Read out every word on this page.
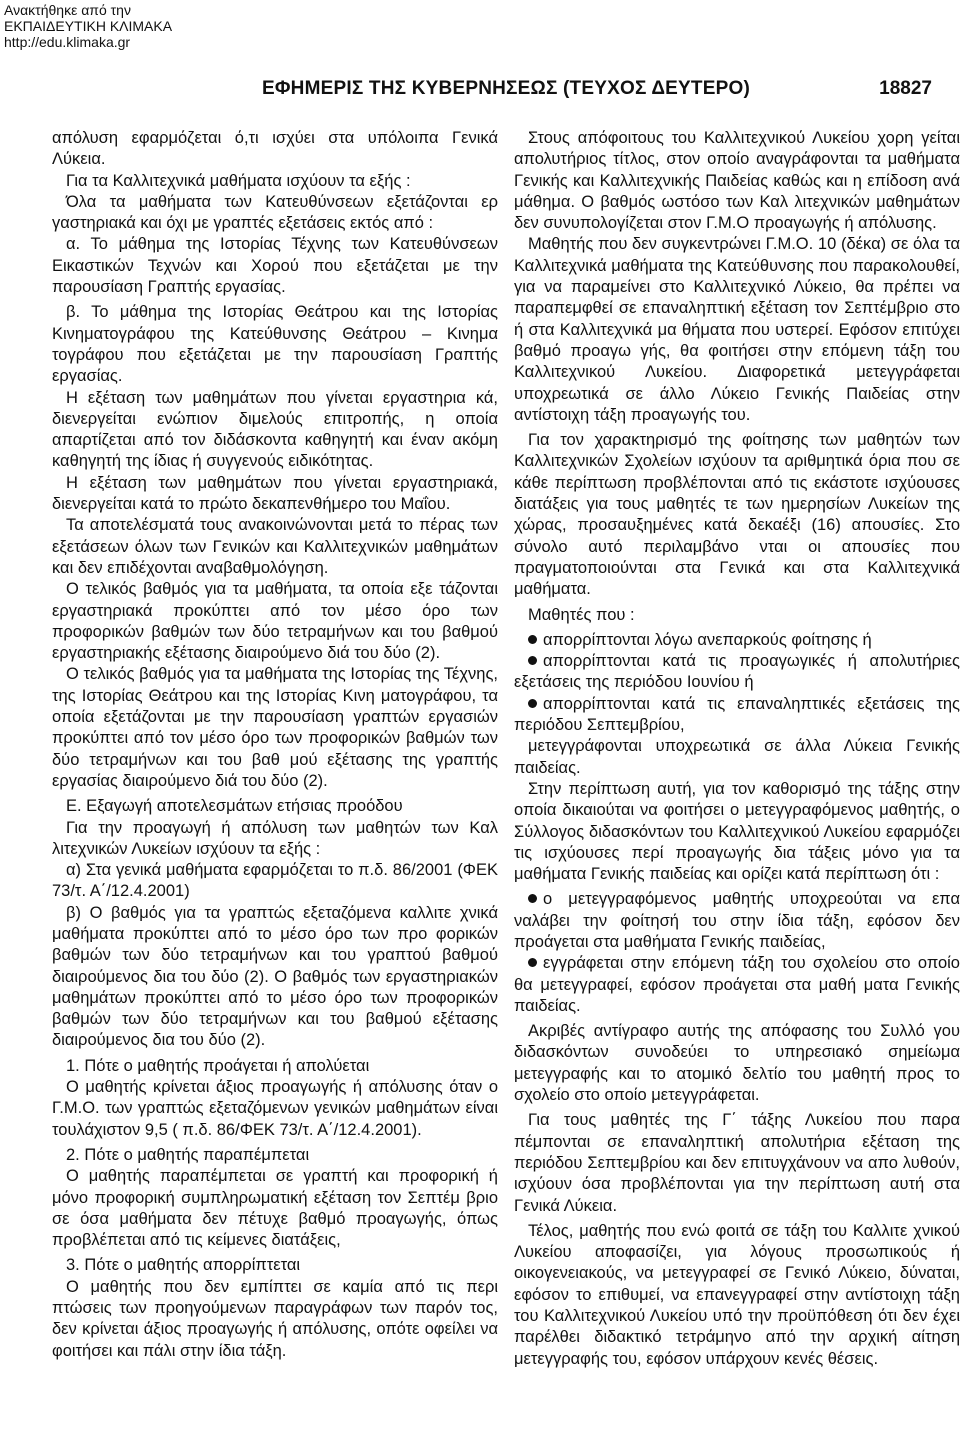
Ανακτήθηκε από την
ΕΚΠΑΙΔΕΥΤΙΚΗ ΚΛΙΜΑΚΑ
http://edu.klimaka.gr
ΕΦΗΜΕΡΙΣ ΤΗΣ ΚΥΒΕΡΝΗΣΕΩΣ (ΤΕΥΧΟΣ ΔΕΥΤΕΡΟ)	18827

απόλυση εφαρμόζεται ό,τι ισχύει στα υπόλοιπα Γενικά Λύκεια.

Για τα Καλλιτεχνικά μαθήματα ισχύουν τα εξής :

Όλα τα μαθήματα των Κατευθύνσεων εξετάζονται ερ γαστηριακά και όχι με γραπτές εξετάσεις εκτός από :

α. Το μάθημα της Ιστορίας Τέχνης των Κατευθύνσεων Εικαστικών Τεχνών και Χορού που εξετάζεται με την παρουσίαση Γραπτής εργασίας.

β. Το μάθημα της Ιστορίας Θεάτρου και της Ιστορίας Κινηματογράφου της Κατεύθυνσης Θεάτρου – Κινημα τογράφου που εξετάζεται με την παρουσίαση Γραπτής εργασίας.

Η εξέταση των μαθημάτων που γίνεται εργαστηρια κά, διενεργείται ενώπιον διμελούς επιτροπής, η οποία απαρτίζεται από τον διδάσκοντα καθηγητή και έναν ακόμη καθηγητή της ίδιας ή συγγενούς ειδικότητας.

Η εξέταση των μαθημάτων που γίνεται εργαστηριακά, διενεργείται κατά το πρώτο δεκαπενθήμερο του Μαΐου.

Τα αποτελέσματά τους ανακοινώνονται μετά το πέρας των εξετάσεων όλων των Γενικών και Καλλιτεχνικών μαθημάτων και δεν επιδέχονται αναβαθμολόγηση.

Ο τελικός βαθμός για τα μαθήματα, τα οποία εξε τάζονται εργαστηριακά προκύπτει από τον μέσο όρο των προφορικών βαθμών των δύο τετραμήνων και του βαθμού εργαστηριακής εξέτασης διαιρούμενο διά του δύο (2).

Ο τελικός βαθμός για τα μαθήματα της Ιστορίας της Τέχνης, της Ιστορίας Θεάτρου και της Ιστορίας Κινη ματογράφου, τα οποία εξετάζονται με την παρουσίαση γραπτών εργασιών προκύπτει από τον μέσο όρο των προφορικών βαθμών των δύο τετραμήνων και του βαθ μού εξέτασης της γραπτής εργασίας διαιρούμενο διά του δύο (2).

Ε. Εξαγωγή αποτελεσμάτων ετήσιας προόδου

Για την προαγωγή ή απόλυση των μαθητών των Καλ λιτεχνικών Λυκείων ισχύουν τα εξής :

α) Στα γενικά μαθήματα εφαρμόζεται το π.δ. 86/2001 (ΦΕΚ 73/τ. Α΄/12.4.2001)

β) Ο βαθμός για τα γραπτώς εξεταζόμενα καλλιτε χνικά μαθήματα προκύπτει από το μέσο όρο των προ φορικών βαθμών των δύο τετραμήνων και του γραπτού βαθμού διαιρούμενος δια του δύο (2). Ο βαθμός των εργαστηριακών μαθημάτων προκύπτει από το μέσο όρο των προφορικών βαθμών των δύο τετραμήνων και του βαθμού εξέτασης διαιρούμενος δια του δύο (2).

1. Πότε ο μαθητής προάγεται ή απολύεται

Ο μαθητής κρίνεται άξιος προαγωγής ή απόλυσης όταν ο Γ.Μ.Ο. των γραπτώς εξεταζόμενων γενικών μαθημάτων είναι τουλάχιστον 9,5 ( π.δ. 86/ΦΕΚ 73/τ. Α΄/12.4.2001).

2. Πότε ο μαθητής παραπέμπεται

Ο μαθητής παραπέμπεται σε γραπτή και προφορική ή μόνο προφορική συμπληρωματική εξέταση τον Σεπτέμ βριο σε όσα μαθήματα δεν πέτυχε βαθμό προαγωγής, όπως προβλέπεται από τις κείμενες διατάξεις,

3. Πότε ο μαθητής απορρίπτεται

Ο μαθητής που δεν εμπίπτει σε καμία από τις περι πτώσεις των προηγούμενων παραγράφων των παρόν τος, δεν κρίνεται άξιος προαγωγής ή απόλυσης, οπότε οφείλει να φοιτήσει και πάλι στην ίδια τάξη.

Στους απόφοιτους του Καλλιτεχνικού Λυκείου χορη γείται απολυτήριος τίτλος, στον οποίο αναγράφονται τα μαθήματα Γενικής και Καλλιτεχνικής Παιδείας καθώς και η επίδοση ανά μάθημα. Ο βαθμός ωστόσο των Καλ λιτεχνικών μαθημάτων δεν συνυπολογίζεται στον Γ.Μ.Ο προαγωγής ή απόλυσης.

Μαθητής που δεν συγκεντρώνει Γ.Μ.Ο. 10 (δέκα) σε όλα τα Καλλιτεχνικά μαθήματα της Κατεύθυνσης που παρακολουθεί, για να παραμείνει στο Καλλιτεχνικό Λύκειο, θα πρέπει να παραπεμφθεί σε επαναληπτική εξέταση τον Σεπτέμβριο στο ή στα Καλλιτεχνικά μα θήματα που υστερεί. Εφόσον επιτύχει βαθμό προαγω γής, θα φοιτήσει στην επόμενη τάξη του Καλλιτεχνικού Λυκείου. Διαφορετικά μετεγγράφεται υποχρεωτικά σε άλλο Λύκειο Γενικής Παιδείας στην αντίστοιχη τάξη προαγωγής του.

Για τον χαρακτηρισμό της φοίτησης των μαθητών των Καλλιτεχνικών Σχολείων ισχύουν τα αριθμητικά όρια που σε κάθε περίπτωση προβλέπονται από τις εκάστοτε ισχύουσες διατάξεις για τους μαθητές τε των ημερησίων Λυκείων της χώρας, προσαυξημένες κατά δεκαέξι (16) απουσίες. Στο σύνολο αυτό περιλαμβάνο νται οι απουσίες που πραγματοποιούνται στα Γενικά και στα Καλλιτεχνικά μαθήματα.

Μαθητές που :

απορρίπτονται λόγω ανεπαρκούς φοίτησης ή

απορρίπτονται κατά τις προαγωγικές ή απολυτήριες εξετάσεις της περιόδου Ιουνίου ή

απορρίπτονται κατά τις επαναληπτικές εξετάσεις της περιόδου Σεπτεμβρίου,

μετεγγράφονται υποχρεωτικά σε άλλα Λύκεια Γενικής παιδείας.

Στην περίπτωση αυτή, για τον καθορισμό της τάξης στην οποία δικαιούται να φοιτήσει ο μετεγγραφόμενος μαθητής, ο Σύλλογος διδασκόντων του Καλλιτεχνικού Λυκείου εφαρμόζει τις ισχύουσες περί προαγωγής δια τάξεις μόνο για τα μαθήματα Γενικής παιδείας και ορίζει κατά περίπτωση ότι :

ο μετεγγραφόμενος μαθητής υποχρεούται να επα ναλάβει την φοίτησή του στην ίδια τάξη, εφόσον δεν προάγεται στα μαθήματα Γενικής παιδείας,

εγγράφεται στην επόμενη τάξη του σχολείου στο οποίο θα μετεγγραφεί, εφόσον προάγεται στα μαθή ματα Γενικής παιδείας.

Ακριβές αντίγραφο αυτής της απόφασης του Συλλό γου διδασκόντων συνοδεύει το υπηρεσιακό σημείωμα μετεγγραφής και το ατομικό δελτίο του μαθητή προς το σχολείο στο οποίο μετεγγράφεται.

Για τους μαθητές της Γ΄ τάξης Λυκείου που παρα πέμπονται σε επαναληπτική απολυτήρια εξέταση της περιόδου Σεπτεμβρίου και δεν επιτυγχάνουν να απο λυθούν, ισχύουν όσα προβλέπονται για την περίπτωση αυτή στα Γενικά Λύκεια.

Τέλος, μαθητής που ενώ φοιτά σε τάξη του Καλλιτε χνικού Λυκείου αποφασίζει, για λόγους προσωπικούς ή οικογενειακούς, να μετεγγραφεί σε Γενικό Λύκειο, δύναται, εφόσον το επιθυμεί, να επανεγγραφεί στην αντίστοιχη τάξη του Καλλιτεχνικού Λυκείου υπό την προϋπόθεση ότι δεν έχει παρέλθει διδακτικό τετράμηνο από την αρχική αίτηση μετεγγραφής του, εφόσον υπάρχουν κενές θέσεις.
